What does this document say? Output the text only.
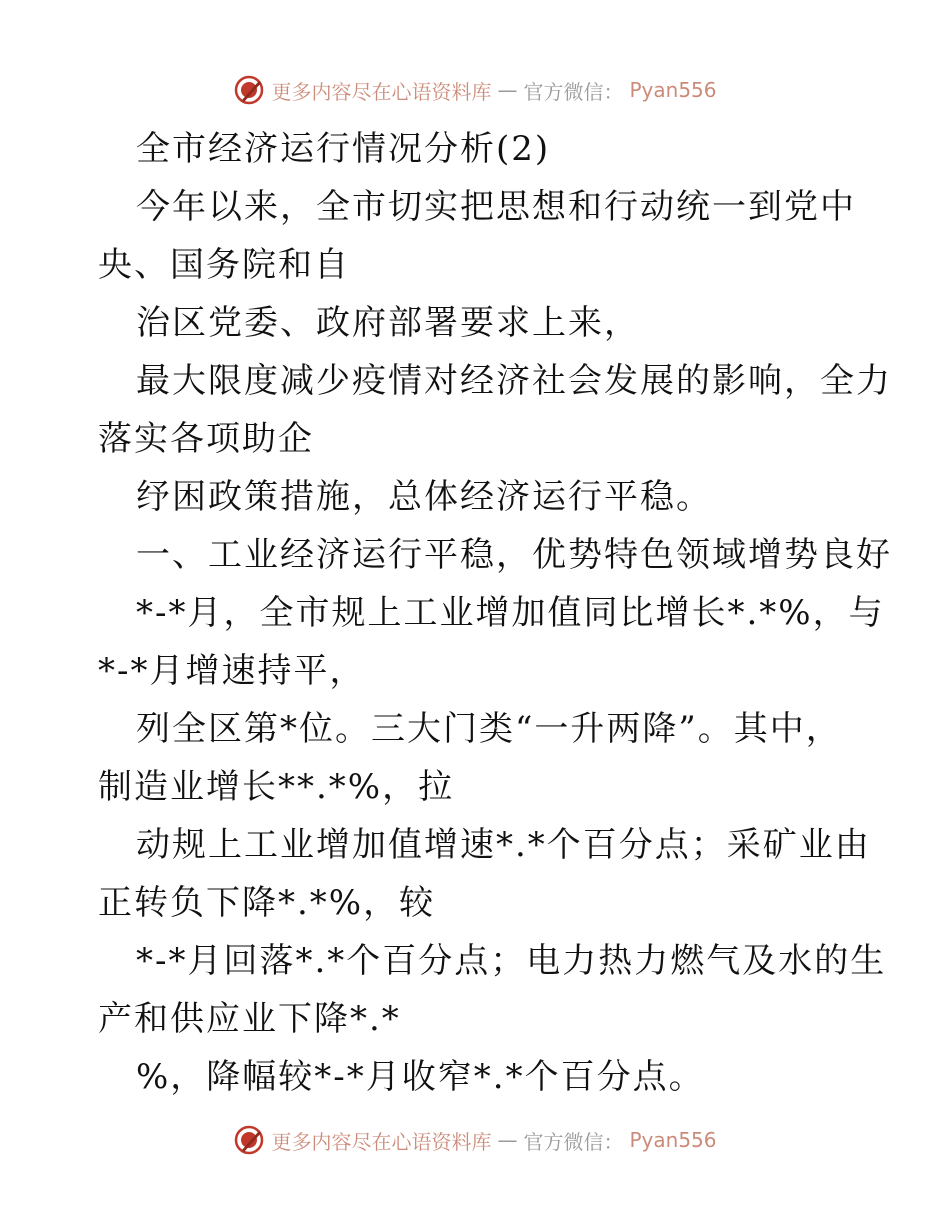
更多内容尽在心语资料库 — 官方微信： Pyan556
全市经济运行情况分析(2)
今年以来，全市切实把思想和行动统一到党中
央、国务院和自
治区党委、政府部署要求上来，
最大限度减少疫情对经济社会发展的影响，全力
落实各项助企
纾困政策措施，总体经济运行平稳。
一、工业经济运行平稳，优势特色领域增势良好
*-*月，全市规上工业增加值同比增长*.*%，与
*-*月增速持平，
列全区第*位。三大门类“一升两降”。其中，
制造业增长**.*%，拉
动规上工业增加值增速*.*个百分点；采矿业由
正转负下降*.*%，较
*-*月回落*.*个百分点；电力热力燃气及水的生
产和供应业下降*.*
%，降幅较*-*月收窄*.*个百分点。
更多内容尽在心语资料库 — 官方微信： Pyan556
